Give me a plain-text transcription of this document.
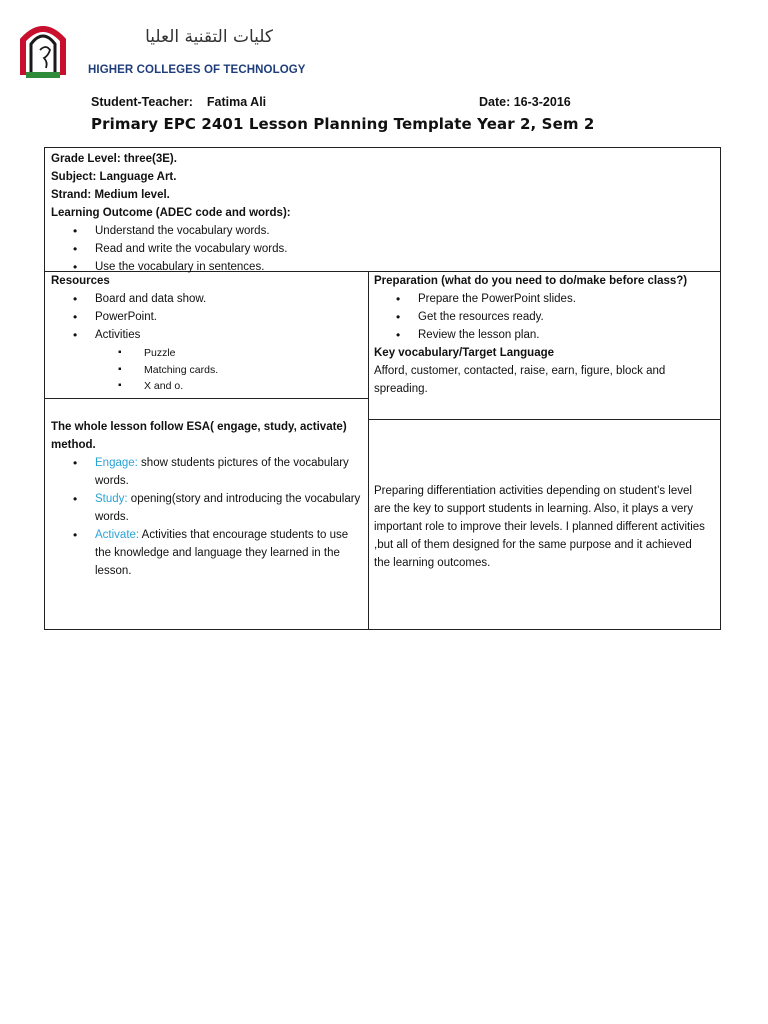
كليات التقنية العليا
HIGHER COLLEGES OF TECHNOLOGY
Student-Teacher: Fatima Ali	Date: 16-3-2016
Primary EPC 2401 Lesson Planning Template Year 2, Sem 2
Grade Level: three(3E).
Subject: Language Art.
Strand: Medium level.
Learning Outcome (ADEC code and words):
• Understand the vocabulary words.
• Read and write the vocabulary words.
• Use the vocabulary in sentences.
Resources
• Board and data show.
• PowerPoint.
• Activities
▪ Puzzle
▪ Matching cards.
▪ X and o.
Preparation (what do you need to do/make before class?)
• Prepare the PowerPoint slides.
• Get the resources ready.
• Review the lesson plan.
Key vocabulary/Target Language
Afford, customer, contacted, raise, earn, figure, block and spreading.
The whole lesson follow ESA( engage, study, activate) method.
• Engage: show students pictures of the vocabulary words.
• Study: opening(story and introducing the vocabulary words.
• Activate: Activities that encourage students to use the knowledge and language they learned in the lesson.
Preparing differentiation activities depending on student’s level are the key to support students in learning. Also, it plays a very important role to improve their levels. I planned different activities ,but all of them designed for the same purpose and it achieved the learning outcomes.
